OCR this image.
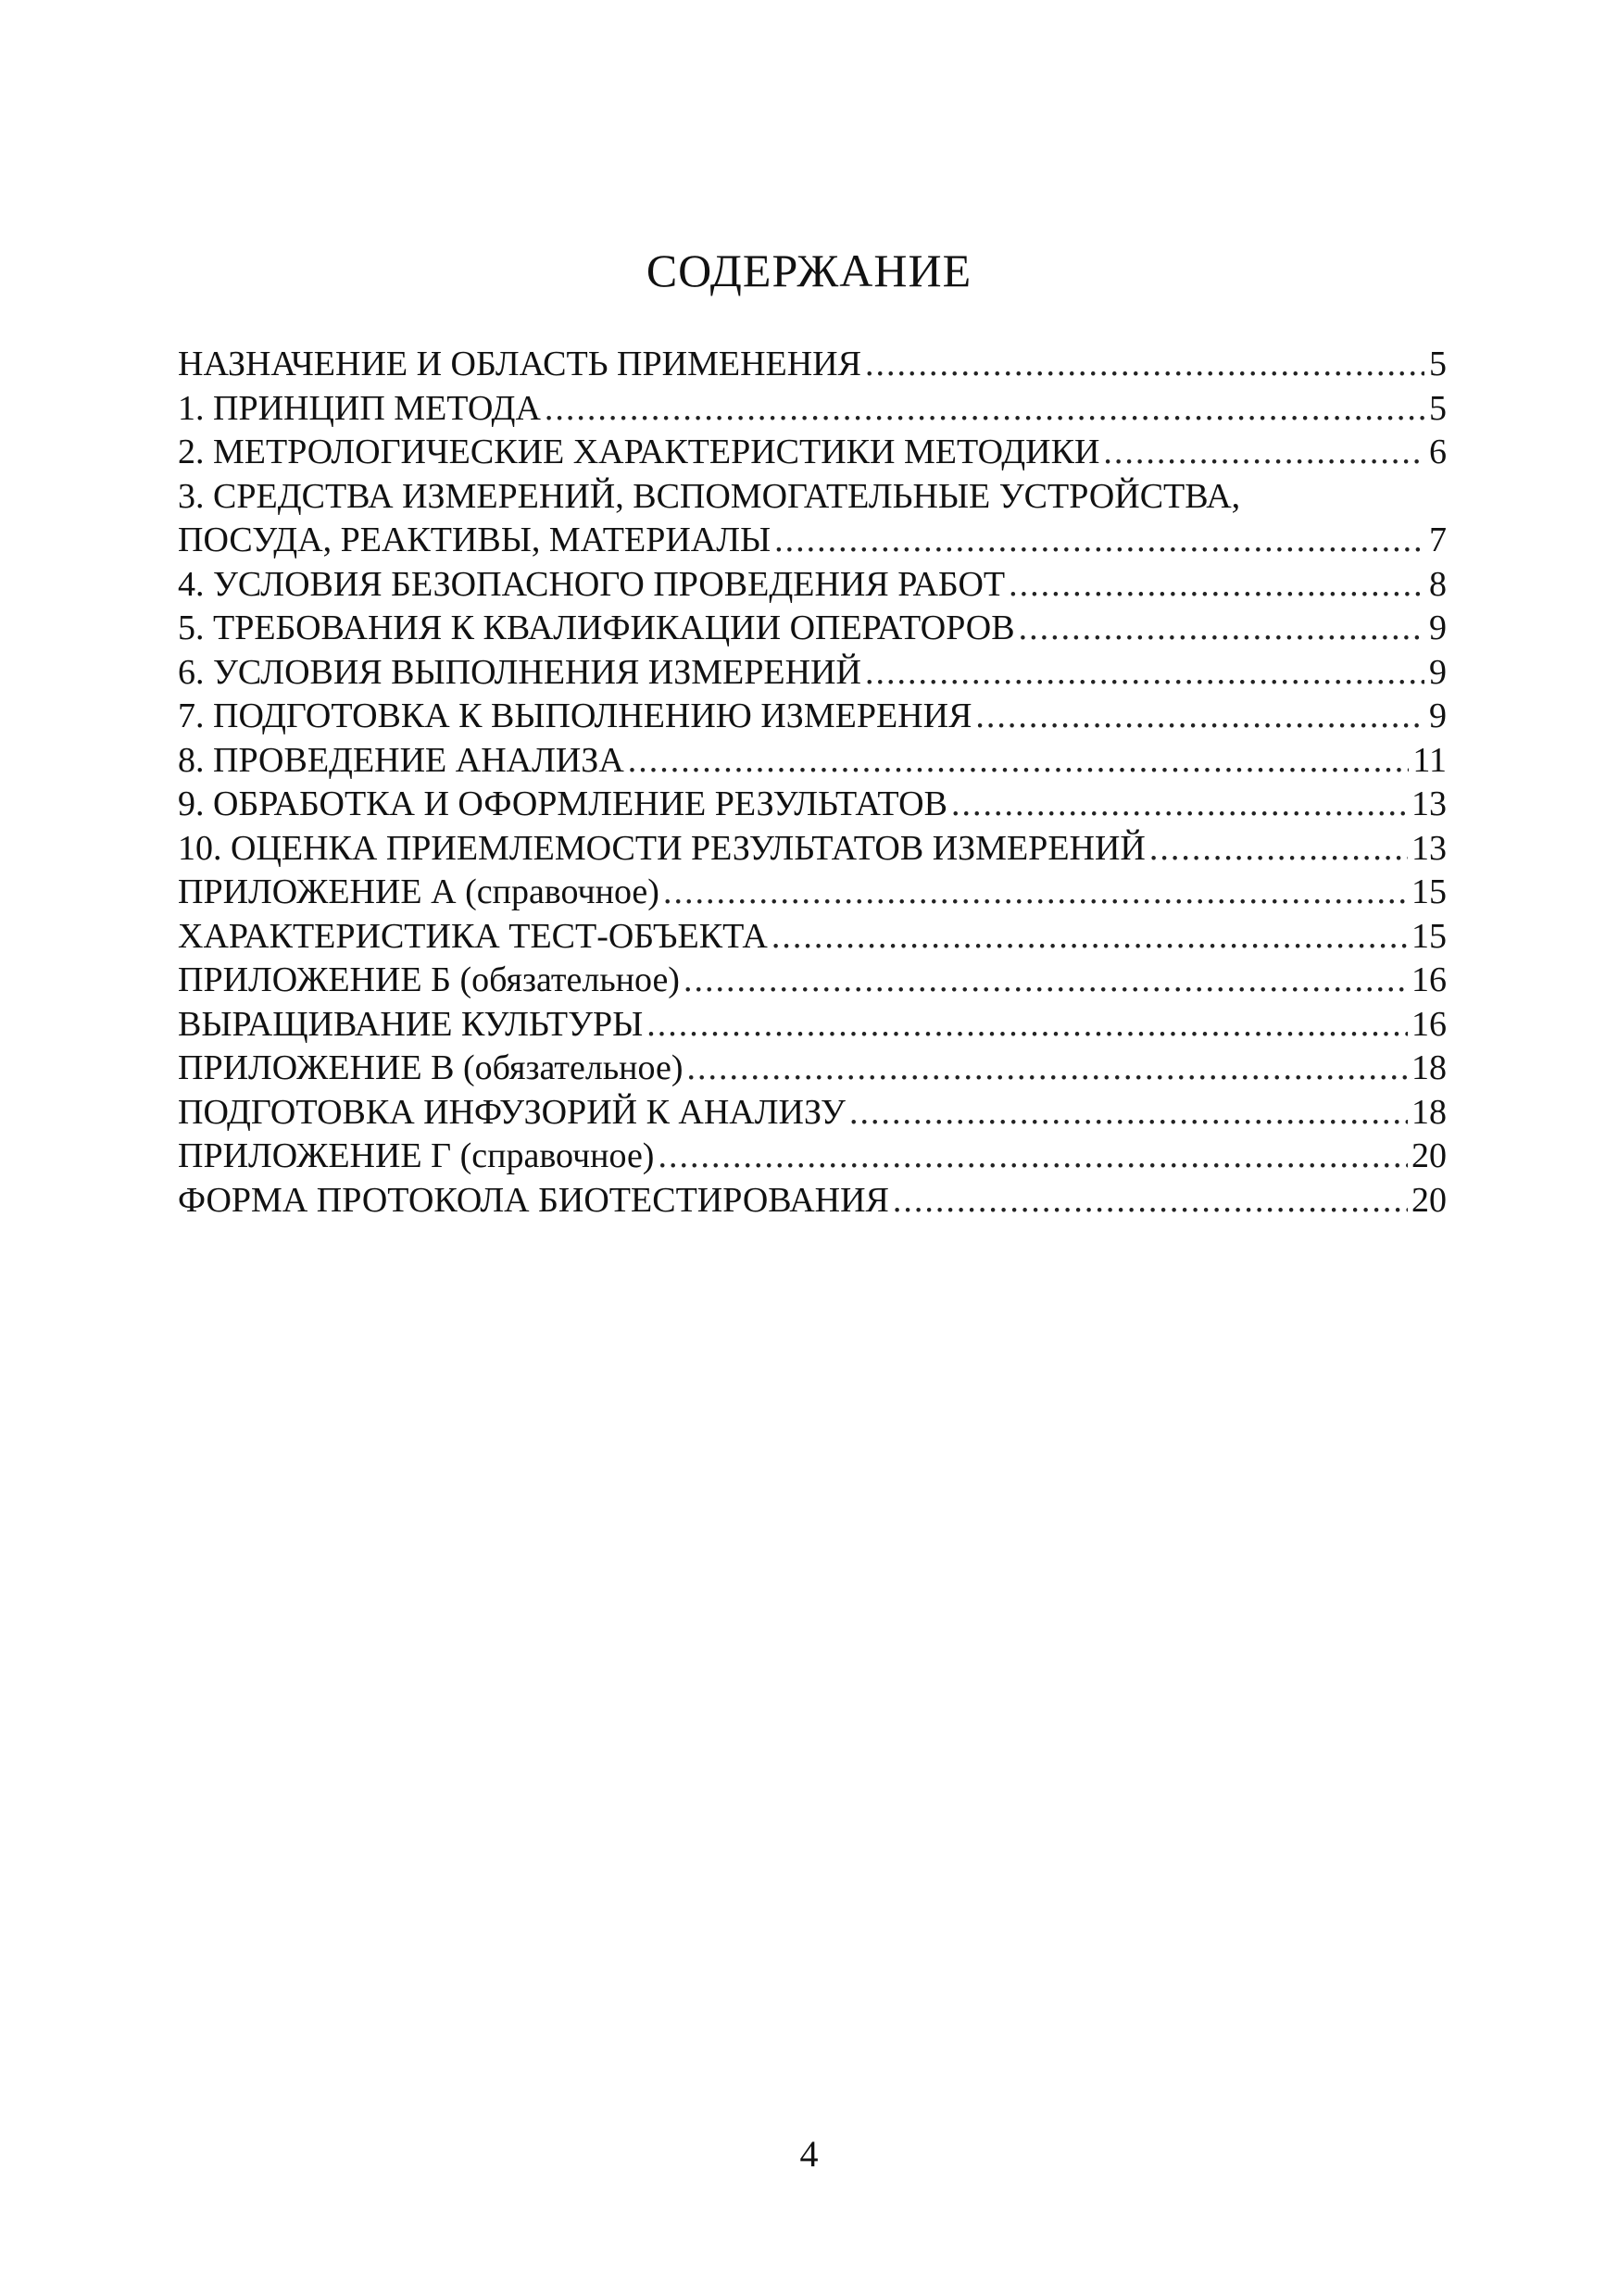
СОДЕРЖАНИЕ
НАЗНАЧЕНИЕ И ОБЛАСТЬ ПРИМЕНЕНИЯ .....	5
1. ПРИНЦИП МЕТОДА .....	5
2. МЕТРОЛОГИЧЕСКИЕ ХАРАКТЕРИСТИКИ МЕТОДИКИ .....	6
3. СРЕДСТВА ИЗМЕРЕНИЙ, ВСПОМОГАТЕЛЬНЫЕ УСТРОЙСТВА,
ПОСУДА, РЕАКТИВЫ, МАТЕРИАЛЫ .....	7
4. УСЛОВИЯ БЕЗОПАСНОГО ПРОВЕДЕНИЯ РАБОТ .....	8
5. ТРЕБОВАНИЯ К КВАЛИФИКАЦИИ ОПЕРАТОРОВ .....	9
6. УСЛОВИЯ ВЫПОЛНЕНИЯ ИЗМЕРЕНИЙ .....	9
7. ПОДГОТОВКА К ВЫПОЛНЕНИЮ ИЗМЕРЕНИЯ .....	9
8. ПРОВЕДЕНИЕ АНАЛИЗА .....	11
9. ОБРАБОТКА И ОФОРМЛЕНИЕ РЕЗУЛЬТАТОВ .....	13
10. ОЦЕНКА ПРИЕМЛЕМОСТИ РЕЗУЛЬТАТОВ ИЗМЕРЕНИЙ .....	13
ПРИЛОЖЕНИЕ А (справочное) .....	15
ХАРАКТЕРИСТИКА ТЕСТ-ОБЪЕКТА .....	15
ПРИЛОЖЕНИЕ Б (обязательное) .....	16
ВЫРАЩИВАНИЕ КУЛЬТУРЫ .....	16
ПРИЛОЖЕНИЕ В (обязательное) .....	18
ПОДГОТОВКА ИНФУЗОРИЙ К АНАЛИЗУ .....	18
ПРИЛОЖЕНИЕ Г (справочное) .....	20
ФОРМА ПРОТОКОЛА БИОТЕСТИРОВАНИЯ .....	20
4
